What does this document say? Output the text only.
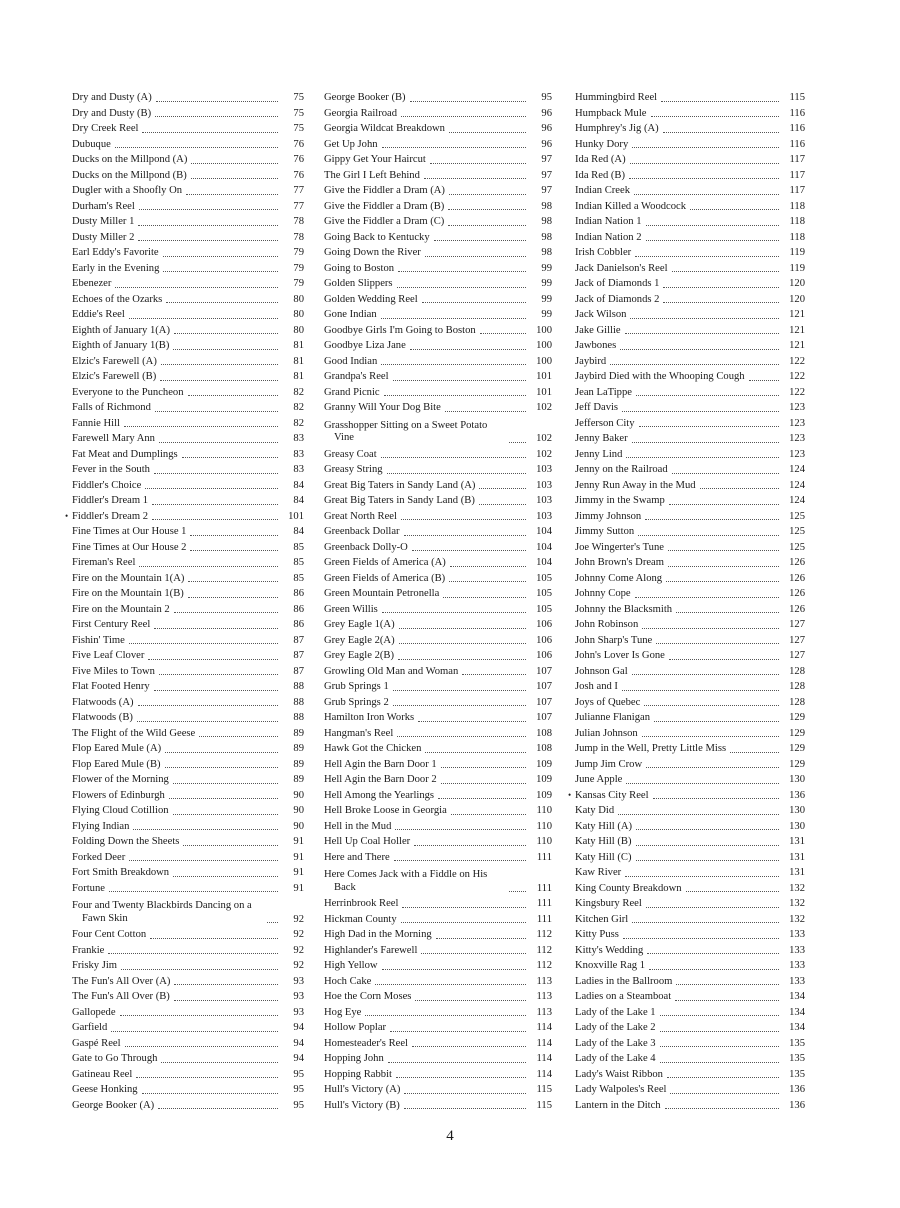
Dry and Dusty (A)	75
Dry and Dusty (B)	75
Dry Creek Reel	75
Dubuque	76
Ducks on the Millpond (A)	76
Ducks on the Millpond (B)	76
Dugler with a Shoofly On	77
Durham's Reel	77
Dusty Miller 1	78
Dusty Miller 2	78
Earl Eddy's Favorite	79
Early in the Evening	79
Ebenezer	79
Echoes of the Ozarks	80
Eddie's Reel	80
Eighth of January 1(A)	80
Eighth of January 1(B)	81
Elzic's Farewell (A)	81
Elzic's Farewell (B)	81
Everyone to the Puncheon	82
Falls of Richmond	82
Fannie Hill	82
Farewell Mary Ann	83
Fat Meat and Dumplings	83
Fever in the South	83
Fiddler's Choice	84
Fiddler's Dream 1	84
• Fiddler's Dream 2	101
Fine Times at Our House 1	84
Fine Times at Our House 2	85
Fireman's Reel	85
Fire on the Mountain 1(A)	85
Fire on the Mountain 1(B)	86
Fire on the Mountain 2	86
First Century Reel	86
Fishin' Time	87
Five Leaf Clover	87
Five Miles to Town	87
Flat Footed Henry	88
Flatwoods (A)	88
Flatwoods (B)	88
The Flight of the Wild Geese	89
Flop Eared Mule (A)	89
Flop Eared Mule (B)	89
Flower of the Morning	89
Flowers of Edinburgh	90
Flying Cloud Cotillion	90
Flying Indian	90
Folding Down the Sheets	91
Forked Deer	91
Fort Smith Breakdown	91
Fortune	91
Four and Twenty Blackbirds Dancing on a
Fawn Skin	92
Four Cent Cotton	92
Frankie	92
Frisky Jim	92
The Fun's All Over (A)	93
The Fun's All Over (B)	93
Gallopede	93
Garfield	94
Gaspé Reel	94
Gate to Go Through	94
Gatineau Reel	95
Geese Honking	95
George Booker (A)	95
George Booker (B)	95
Georgia Railroad	96
Georgia Wildcat Breakdown	96
Get Up John	96
Gippy Get Your Haircut	97
The Girl I Left Behind	97
Give the Fiddler a Dram (A)	97
Give the Fiddler a Dram (B)	98
Give the Fiddler a Dram (C)	98
Going Back to Kentucky	98
Going Down the River	98
Going to Boston	99
Golden Slippers	99
Golden Wedding Reel	99
Gone Indian	99
Goodbye Girls I'm Going to Boston	100
Goodbye Liza Jane	100
Good Indian	100
Grandpa's Reel	101
Grand Picnic	101
Granny Will Your Dog Bite	102
Grasshopper Sitting on a Sweet Potato
Vine	102
Greasy Coat	102
Greasy String	103
Great Big Taters in Sandy Land (A)	103
Great Big Taters in Sandy Land (B)	103
Great North Reel	103
Greenback Dollar	104
Greenback Dolly-O	104
Green Fields of America (A)	104
Green Fields of America (B)	105
Green Mountain Petronella	105
Green Willis	105
Grey Eagle 1(A)	106
Grey Eagle 2(A)	106
Grey Eagle 2(B)	106
Growling Old Man and Woman	107
Grub Springs 1	107
Grub Springs 2	107
Hamilton Iron Works	107
Hangman's Reel	108
Hawk Got the Chicken	108
Hell Agin the Barn Door 1	109
Hell Agin the Barn Door 2	109
Hell Among the Yearlings	109
Hell Broke Loose in Georgia	110
Hell in the Mud	110
Hell Up Coal Holler	110
Here and There	111
Here Comes Jack with a Fiddle on His
Back	111
Herrinbrook Reel	111
Hickman County	111
High Dad in the Morning	112
Highlander's Farewell	112
High Yellow	112
Hoch Cake	113
Hoe the Corn Moses	113
Hog Eye	113
Hollow Poplar	114
Homesteader's Reel	114
Hopping John	114
Hopping Rabbit	114
Hull's Victory (A)	115
Hull's Victory (B)	115
Hummingbird Reel	115
Humpback Mule	116
Humphrey's Jig (A)	116
Hunky Dory	116
Ida Red (A)	117
Ida Red (B)	117
Indian Creek	117
Indian Killed a Woodcock	118
Indian Nation 1	118
Indian Nation 2	118
Irish Cobbler	119
Jack Danielson's Reel	119
Jack of Diamonds 1	120
Jack of Diamonds 2	120
Jack Wilson	121
Jake Gillie	121
Jawbones	121
Jaybird	122
Jaybird Died with the Whooping Cough	122
Jean LaTippe	122
Jeff Davis	123
Jefferson City	123
Jenny Baker	123
Jenny Lind	123
Jenny on the Railroad	124
Jenny Run Away in the Mud	124
Jimmy in the Swamp	124
Jimmy Johnson	125
Jimmy Sutton	125
Joe Wingerter's Tune	125
John Brown's Dream	126
Johnny Come Along	126
Johnny Cope	126
Johnny the Blacksmith	126
John Robinson	127
John Sharp's Tune	127
John's Lover Is Gone	127
Johnson Gal	128
Josh and I	128
Joys of Quebec	128
Julianne Flanigan	129
Julian Johnson	129
Jump in the Well, Pretty Little Miss	129
Jump Jim Crow	129
June Apple	130
• Kansas City Reel	136
Katy Did	130
Katy Hill (A)	130
Katy Hill (B)	131
Katy Hill (C)	131
Kaw River	131
King County Breakdown	132
Kingsbury Reel	132
Kitchen Girl	132
Kitty Puss	133
Kitty's Wedding	133
Knoxville Rag 1	133
Ladies in the Ballroom	133
Ladies on a Steamboat	134
Lady of the Lake 1	134
Lady of the Lake 2	134
Lady of the Lake 3	135
Lady of the Lake 4	135
Lady's Waist Ribbon	135
Lady Walpoles's Reel	136
Lantern in the Ditch	136
4
